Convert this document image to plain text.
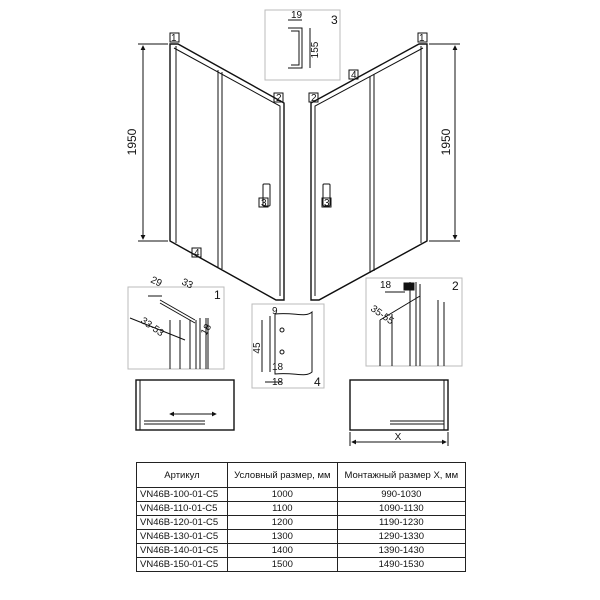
1950
1
2
3
4
1950
1
2
4
3
19
155
3
29 33
33-53	18
1
18
35-55
2
9
45
18
18	4
X
Артикул	Условный размер, мм	Монтажный размер X, мм
VN46B-100-01-C5	1000	990-1030
VN46B-110-01-C5	1100	1090-1130
VN46B-120-01-C5	1200	1190-1230
VN46B-130-01-C5	1300	1290-1330
VN46B-140-01-C5	1400	1390-1430
VN46B-150-01-C5	1500	1490-1530
